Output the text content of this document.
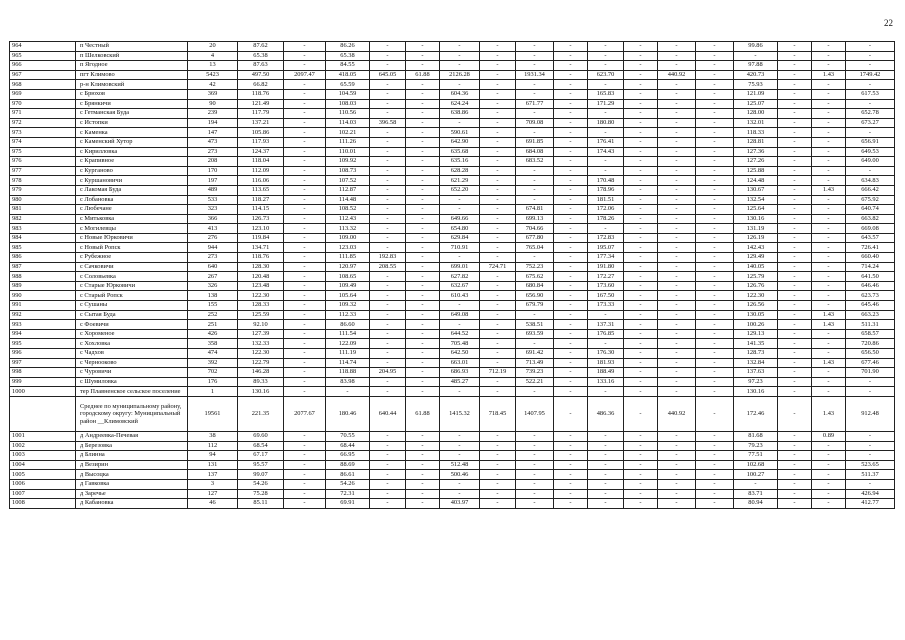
22
964	п Честный	20	87.62	-	86.26	-	-	-	-	-	-	-	-	-	-	99.86	-	-	-
965	п Шелковский	4	65.38	-	65.38	-	-	-	-	-	-	-	-	-	-	-	-	-	-
966	п Ягодное	13	87.63	-	84.55	-	-	-	-	-	-	-	-	-	-	97.88	-	-	-
967	пгт Климово	5423	497.50	2097.47	418.05	645.05	61.88	2126.28	-	1931.34	-	623.70	-	440.92	-	420.73	-	1.43	1749.42
968	р-н Климовский	42	66.82	-	65.59	-	-	-	-	-	-	-	-	-	-	75.93	-	-	-
969	с Брюхов	369	118.76	-	104.59	-	-	604.36	-	-	-	165.83	-	-	-	121.09	-	-	617.53
970	с Брянкичи	90	121.49	-	108.03	-	-	624.24	-	671.77	-	171.29	-	-	-	125.07	-	-	-
971	с Гетманская Буда	239	117.79	-	110.56	-	-	638.86	-	-	-	-	-	-	-	128.00	-	-	652.78
972	с Истопки	194	137.21	-	114.03	396.58	-	-	-	709.08	-	180.80	-	-	-	132.01	-	-	673.27
973	с Каменка	147	105.86	-	102.21	-	-	590.61	-	-	-	-	-	-	-	118.33	-	-	-
974	с Каменский Хутор	473	117.93	-	111.26	-	-	642.90	-	691.85	-	176.41	-	-	-	128.81	-	-	656.91
975	с Кирилловка	273	124.37	-	110.01	-	-	635.68	-	684.08	-	174.43	-	-	-	127.36	-	-	649.53
976	с Крапивное	208	118.04	-	109.92	-	-	635.16	-	683.52	-	-	-	-	-	127.26	-	-	649.00
977	с Курганово	170	112.09	-	108.73	-	-	628.28	-	-	-	-	-	-	-	125.88	-	-	-
978	с Куршановичи	197	116.06	-	107.52	-	-	621.29	-	-	-	170.48	-	-	-	124.48	-	-	634.83
979	с Лакомая Буда	489	113.65	-	112.87	-	-	652.20	-	-	-	178.96	-	-	-	130.67	-	1.43	666.42
980	с Лобановка	533	118.27	-	114.48	-	-	-	-	-	-	181.51	-	-	-	132.54	-	-	675.92
981	с Любечане	323	114.15	-	108.52	-	-	-	-	674.81	-	172.06	-	-	-	125.64	-	-	640.74
982	с Митьковка	366	126.73	-	112.43	-	-	649.66	-	699.13	-	178.26	-	-	-	130.16	-	-	663.82
983	с Могилевцы	413	123.10	-	113.32	-	-	654.80	-	704.66	-	-	-	-	-	131.19	-	-	669.08
984	с Новые Юрковичи	276	119.84	-	109.00	-	-	629.84	-	677.80	-	172.83	-	-	-	126.19	-	-	643.57
985	с Новый Ропск	944	134.71	-	123.03	-	-	710.91	-	765.04	-	195.07	-	-	-	142.43	-	-	726.41
986	с Рубежное	273	118.76	-	111.85	192.83	-	-	-	-	-	177.34	-	-	-	129.49	-	-	660.40
987	с Сачковичи	640	128.30	-	120.97	208.55	-	699.01	724.71	752.23	-	191.80	-	-	-	140.05	-	-	714.24
988	с Соловьевка	267	120.48	-	108.65	-	-	627.82	-	675.62	-	172.27	-	-	-	125.79	-	-	641.50
989	с Старые Юрковичи	326	123.48	-	109.49	-	-	632.67	-	680.84	-	173.60	-	-	-	126.76	-	-	646.46
990	с Старый Ропск	138	122.30	-	105.64	-	-	610.43	-	656.90	-	167.50	-	-	-	122.30	-	-	623.73
991	с Сушаны	155	128.33	-	109.32	-	-	-	-	679.79	-	173.33	-	-	-	126.56	-	-	645.46
992	с Сытая Буда	252	125.59	-	112.33	-	-	649.08	-	-	-	-	-	-	-	130.05	-	1.43	663.23
993	с Фоевичи	251	92.10	-	86.60	-	-	-	-	538.51	-	137.31	-	-	-	100.26	-	1.43	511.31
994	с Хороменое	426	127.39	-	111.54	-	-	644.52	-	693.59	-	176.85	-	-	-	129.13	-	-	658.57
995	с Хохловка	358	132.33	-	122.09	-	-	705.48	-	-	-	-	-	-	-	141.35	-	-	720.86
996	с Чадхов	474	122.30	-	111.19	-	-	642.50	-	691.42	-	176.30	-	-	-	128.73	-	-	656.50
997	с Чернооково	392	122.79	-	114.74	-	-	663.01	-	713.49	-	181.93	-	-	-	132.84	-	1.43	677.46
998	с Чуровичи	702	146.28	-	118.88	204.95	-	686.93	712.19	739.23	-	188.49	-	-	-	137.63	-	-	701.90
999	с Шумиловка	176	89.33	-	83.98	-	-	485.27	-	522.21	-	133.16	-	-	-	97.23	-	-	-
1000	тер Плавненское сельское поселение	1	130.16	-	-	-	-	-	-	-	-	-	-	-	-	130.16	-	-	-
	Среднее по муниципальному району, городскому округу: Муниципальный район __Климовский	19561	221.35	2077.67	180.46	640.44	61.88	1415.32	718.45	1407.95	-	486.36	-	440.92	-	172.46	-	1.43	912.48
1001	д Андреевка-Печевая	38	69.60	-	70.55	-	-	-	-	-	-	-	-	-	-	81.68	-	0.89	-
1002	д Березовка	112	68.54	-	68.44	-	-	-	-	-	-	-	-	-	-	79.23	-	-	-
1003	д Блинна	94	67.17	-	66.95	-	-	-	-	-	-	-	-	-	-	77.51	-	-	-
1004	д Везирин	131	95.57	-	88.69	-	-	512.48	-	-	-	-	-	-	-	102.68	-	-	523.65
1005	д Высоцка	137	99.07	-	86.61	-	-	500.46	-	-	-	-	-	-	-	100.27	-	-	511.37
1006	д Гавковка	3	54.26	-	54.26	-	-	-	-	-	-	-	-	-	-	-	-	-	-
1007	д Заречье	127	75.28	-	72.31	-	-	-	-	-	-	-	-	-	-	83.71	-	-	426.94
1008	д Кабановка	46	85.11	-	69.91	-	-	403.97	-	-	-	-	-	-	-	80.94	-	-	412.77
